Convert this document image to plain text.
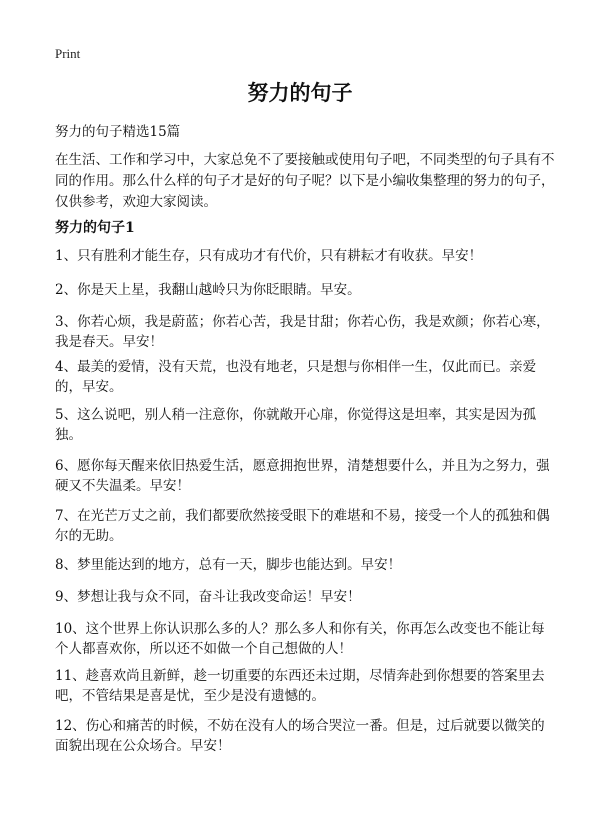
Print
努力的句子

努力的句子精选15篇

在生活、工作和学习中，大家总免不了要接触或使用句子吧，不同类型的句子具有不同的作用。那么什么样的句子才是好的句子呢？以下是小编收集整理的努力的句子，仅供参考，欢迎大家阅读。

努力的句子1

1、只有胜利才能生存，只有成功才有代价，只有耕耘才有收获。早安！

2、你是天上星，我翻山越岭只为你眨眼睛。早安。

3、你若心烦，我是蔚蓝；你若心苦，我是甘甜；你若心伤，我是欢颜；你若心寒，我是春天。早安！

4、最美的爱情，没有天荒，也没有地老，只是想与你相伴一生，仅此而已。亲爱的，早安。

5、这么说吧，别人稍一注意你，你就敞开心扉，你觉得这是坦率，其实是因为孤独。

6、愿你每天醒来依旧热爱生活，愿意拥抱世界，清楚想要什么，并且为之努力，强硬又不失温柔。早安！

7、在光芒万丈之前，我们都要欣然接受眼下的难堪和不易，接受一个人的孤独和偶尔的无助。

8、梦里能达到的地方，总有一天，脚步也能达到。早安！

9、梦想让我与众不同，奋斗让我改变命运！早安！

10、这个世界上你认识那么多的人？那么多人和你有关，你再怎么改变也不能让每个人都喜欢你，所以还不如做一个自己想做的人！

11、趁喜欢尚且新鲜，趁一切重要的东西还未过期，尽情奔赴到你想要的答案里去吧，不管结果是喜是忧，至少是没有遗憾的。

12、伤心和痛苦的时候，不妨在没有人的场合哭泣一番。但是，过后就要以微笑的面貌出现在公众场合。早安！
